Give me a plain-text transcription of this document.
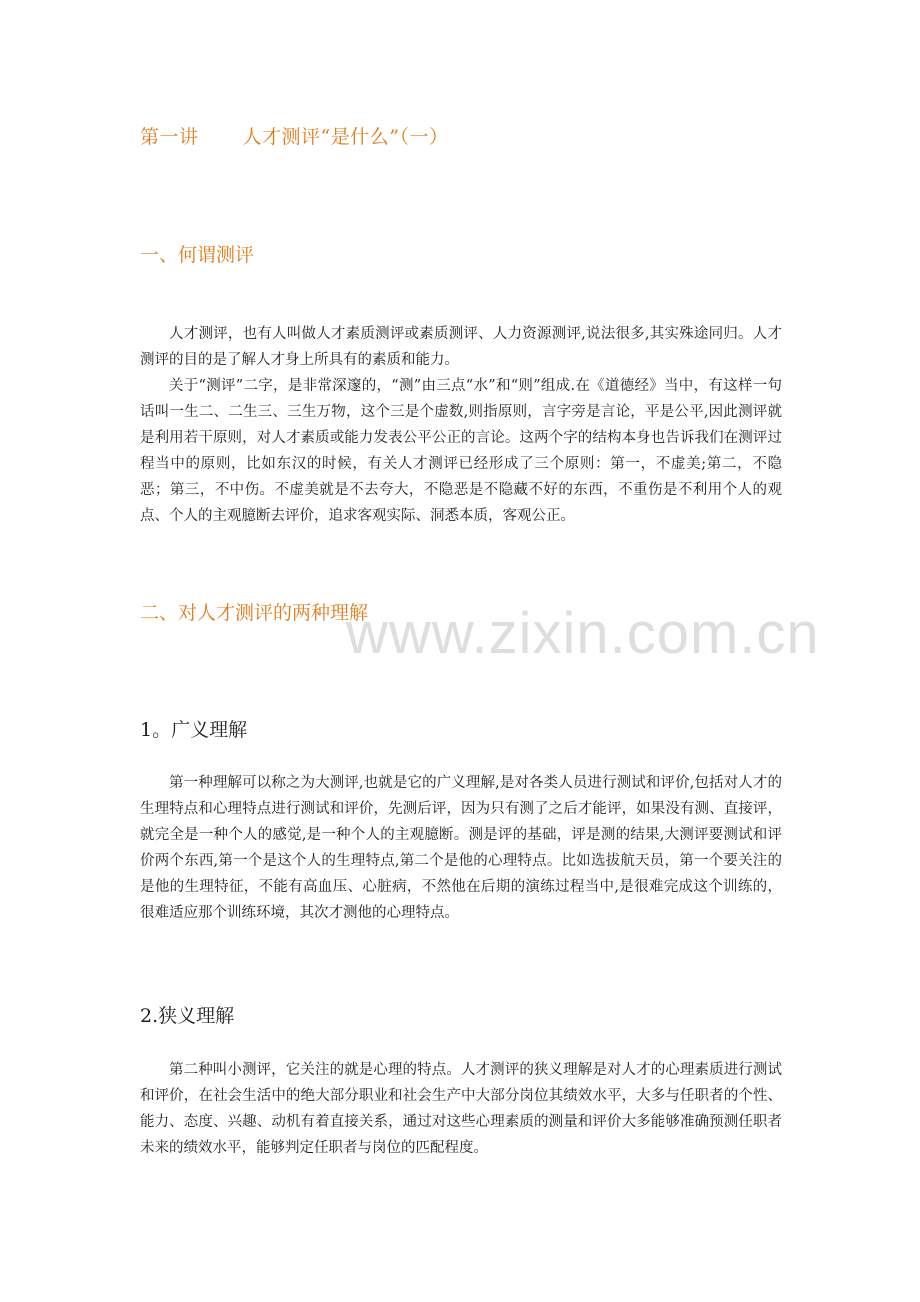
第一讲 人才测评“是什么”（一）
一、何谓测评

人才测评，也有人叫做人才素质测评或素质测评、人力资源测评,说法很多,其实殊途同归。人才测评的目的是了解人才身上所具有的素质和能力。

关于“测评”二字，是非常深邃的，“测”由三点“水”和“则”组成.在《道德经》当中，有这样一句话叫一生二、二生三、三生万物，这个三是个虚数,则指原则，言字旁是言论，平是公平,因此测评就是利用若干原则，对人才素质或能力发表公平公正的言论。这两个字的结构本身也告诉我们在测评过程当中的原则，比如东汉的时候，有关人才测评已经形成了三个原则：第一，不虚美;第二，不隐恶；第三，不中伤。不虚美就是不去夸大，不隐恶是不隐藏不好的东西，不重伤是不利用个人的观点、个人的主观臆断去评价，追求客观实际、洞悉本质，客观公正。

二、对人才测评的两种理解
www.zixin.com.cn
1。广义理解

第一种理解可以称之为大测评,也就是它的广义理解,是对各类人员进行测试和评价,包括对人才的生理特点和心理特点进行测试和评价，先测后评，因为只有测了之后才能评，如果没有测、直接评，就完全是一种个人的感觉,是一种个人的主观臆断。测是评的基础，评是测的结果,大测评要测试和评价两个东西,第一个是这个人的生理特点,第二个是他的心理特点。比如选拔航天员，第一个要关注的是他的生理特征，不能有高血压、心脏病，不然他在后期的演练过程当中,是很难完成这个训练的，很难适应那个训练环境，其次才测他的心理特点。

2.狭义理解

第二种叫小测评，它关注的就是心理的特点。人才测评的狭义理解是对人才的心理素质进行测试和评价，在社会生活中的绝大部分职业和社会生产中大部分岗位其绩效水平，大多与任职者的个性、能力、态度、兴趣、动机有着直接关系，通过对这些心理素质的测量和评价大多能够准确预测任职者未来的绩效水平，能够判定任职者与岗位的匹配程度。
